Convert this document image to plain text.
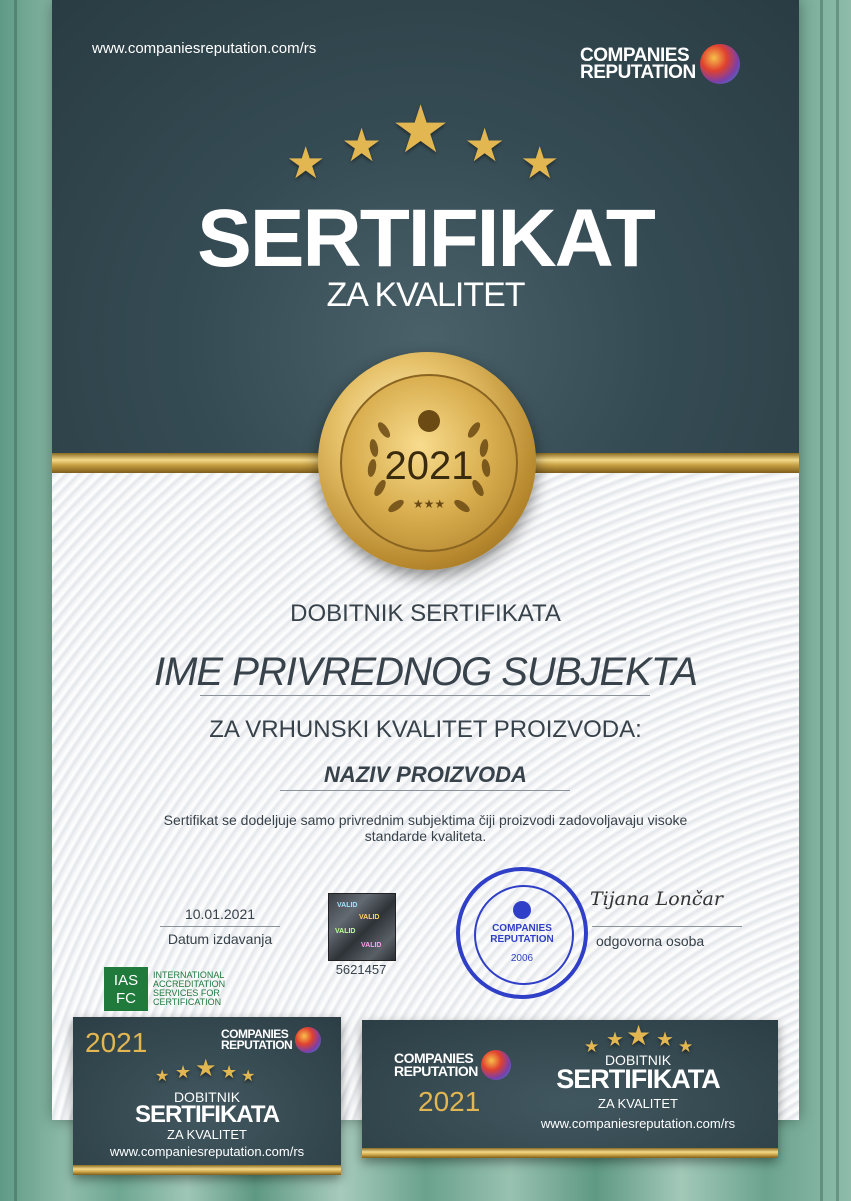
www.companiesreputation.com/rs	COMPANIES
REPUTATION
★ ★ ★ ★ ★
SERTIFIKAT
ZA KVALITET
★★★
2021
DOBITNIK SERTIFIKATA
IME PRIVREDNOG SUBJEKTA
ZA VRHUNSKI KVALITET PROIZVODA:
NAZIV PROIZVODA
Sertifikat se dodeljuje samo privrednim subjektima čiji proizvodi zadovoljavaju visoke standarde kvaliteta.
10.01.2021
Datum izdavanja
VALID
VALID
VALID
VALID
5621457
COMPANIES
REPUTATION
2006
Tijana Lončar
odgovorna osoba
IAS
FC
INTERNATIONAL ACCREDITATION SERVICES FOR CERTIFICATION
2021	COMPANIES
REPUTATION
★ ★ ★ ★ ★
DOBITNIK
SERTIFIKATA
ZA KVALITET
www.companiesreputation.com/rs
COMPANIES
REPUTATION
2021
★ ★ ★ ★ ★
DOBITNIK
SERTIFIKATA
ZA KVALITET
www.companiesreputation.com/rs
